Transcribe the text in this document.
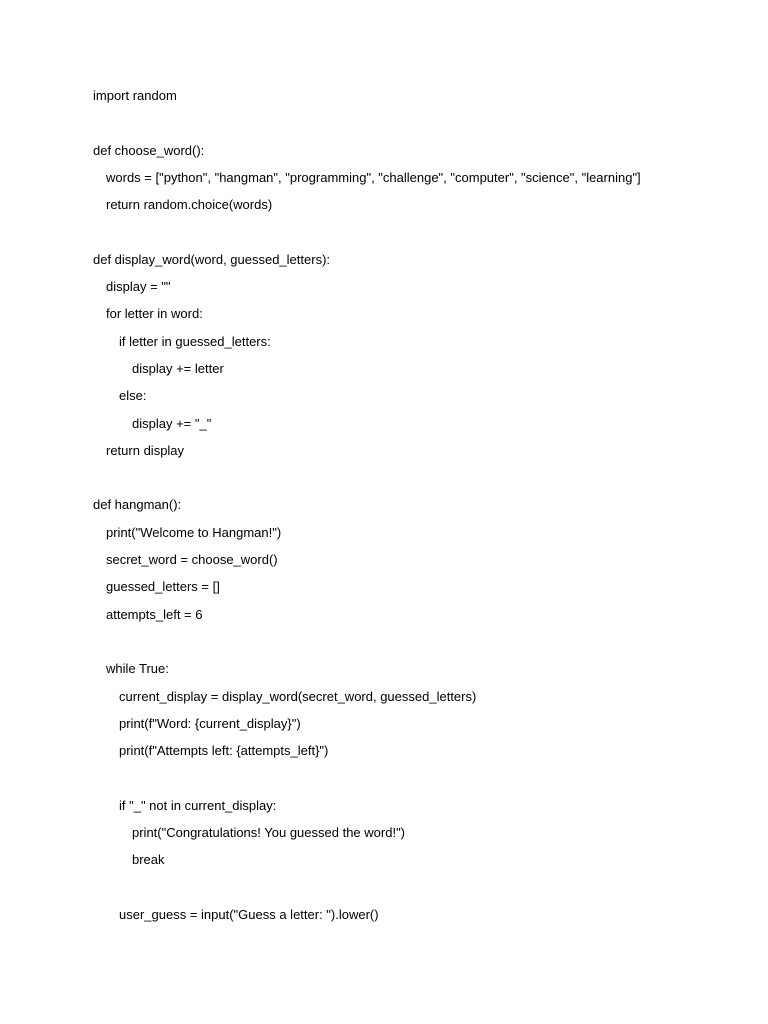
import random
def choose_word():
words = ["python", "hangman", "programming", "challenge", "computer", "science", "learning"]
return random.choice(words)
def display_word(word, guessed_letters):
display = ""
for letter in word:
if letter in guessed_letters:
display += letter
else:
display += "_"
return display
def hangman():
print("Welcome to Hangman!")
secret_word = choose_word()
guessed_letters = []
attempts_left = 6
while True:
current_display = display_word(secret_word, guessed_letters)
print(f"Word: {current_display}")
print(f"Attempts left: {attempts_left}")
if "_" not in current_display:
print("Congratulations! You guessed the word!")
break
user_guess = input("Guess a letter: ").lower()
